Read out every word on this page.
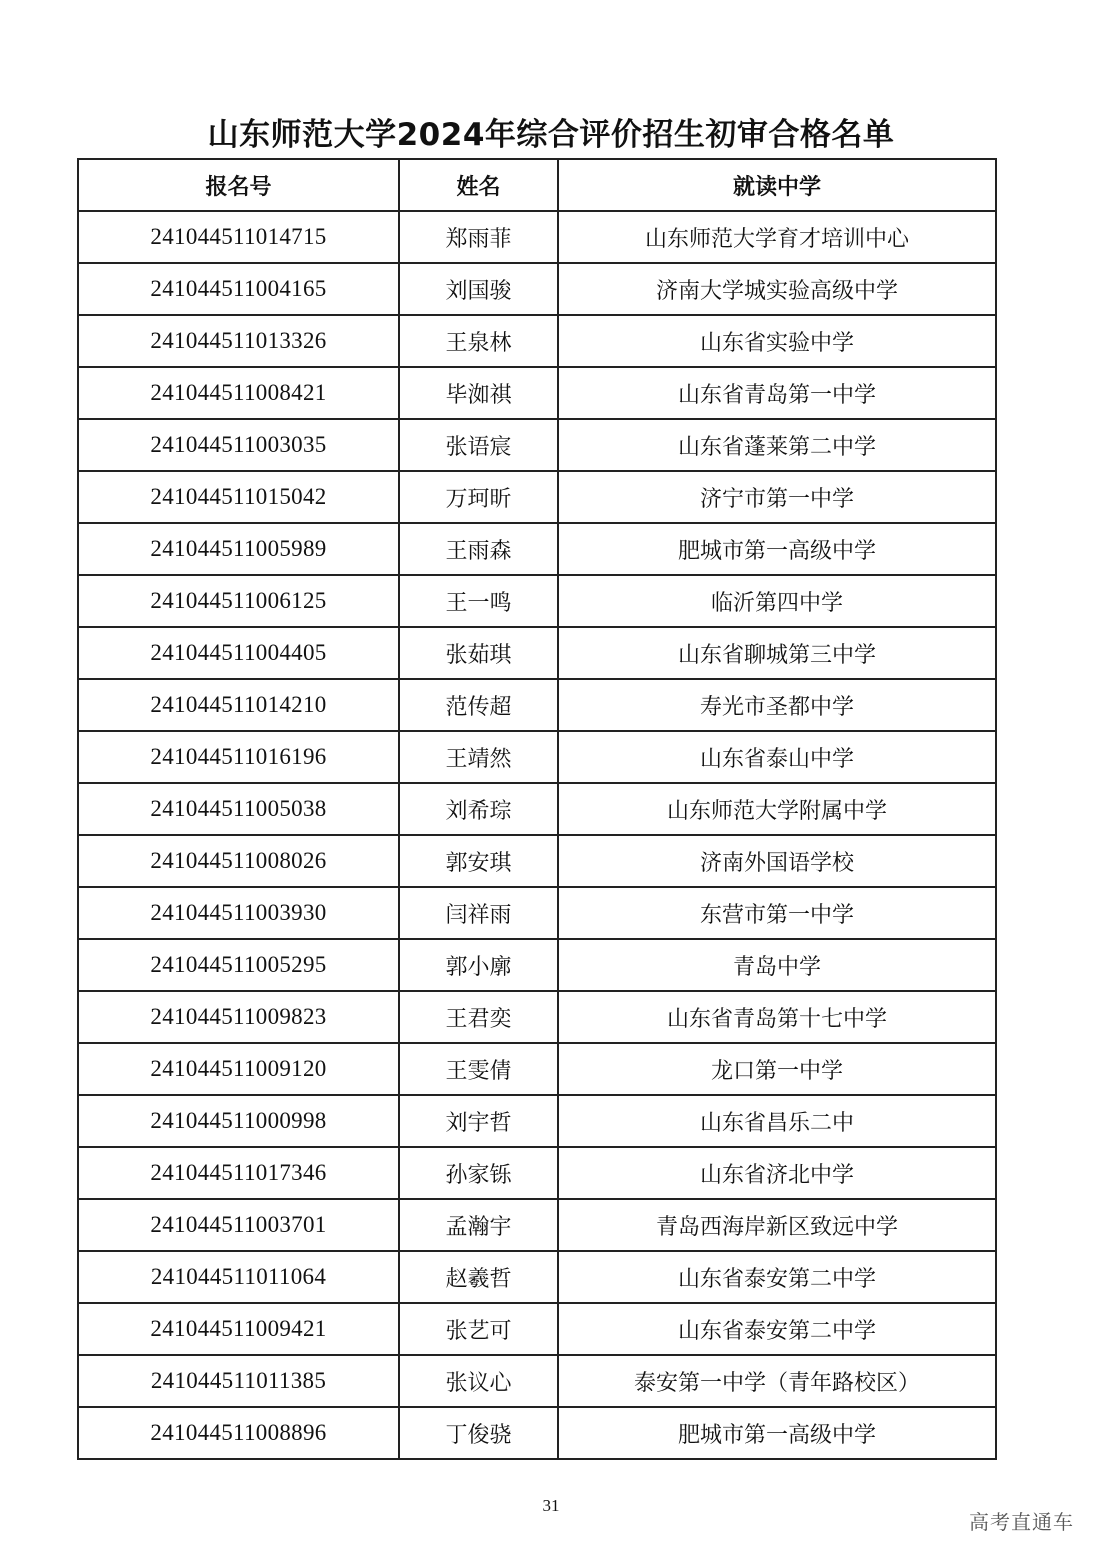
山东师范大学2024年综合评价招生初审合格名单
报名号	姓名	就读中学
241044511014715	郑雨菲	山东师范大学育才培训中心
241044511004165	刘国骏	济南大学城实验高级中学
241044511013326	王泉林	山东省实验中学
241044511008421	毕洳祺	山东省青岛第一中学
241044511003035	张语宸	山东省蓬莱第二中学
241044511015042	万珂昕	济宁市第一中学
241044511005989	王雨森	肥城市第一高级中学
241044511006125	王一鸣	临沂第四中学
241044511004405	张茹琪	山东省聊城第三中学
241044511014210	范传超	寿光市圣都中学
241044511016196	王靖然	山东省泰山中学
241044511005038	刘希琮	山东师范大学附属中学
241044511008026	郭安琪	济南外国语学校
241044511003930	闫祥雨	东营市第一中学
241044511005295	郭小廓	青岛中学
241044511009823	王君奕	山东省青岛第十七中学
241044511009120	王雯倩	龙口第一中学
241044511000998	刘宇哲	山东省昌乐二中
241044511017346	孙家铄	山东省济北中学
241044511003701	孟瀚宇	青岛西海岸新区致远中学
241044511011064	赵羲哲	山东省泰安第二中学
241044511009421	张艺可	山东省泰安第二中学
241044511011385	张议心	泰安第一中学（青年路校区）
241044511008896	丁俊骁	肥城市第一高级中学
31
高考直通车
